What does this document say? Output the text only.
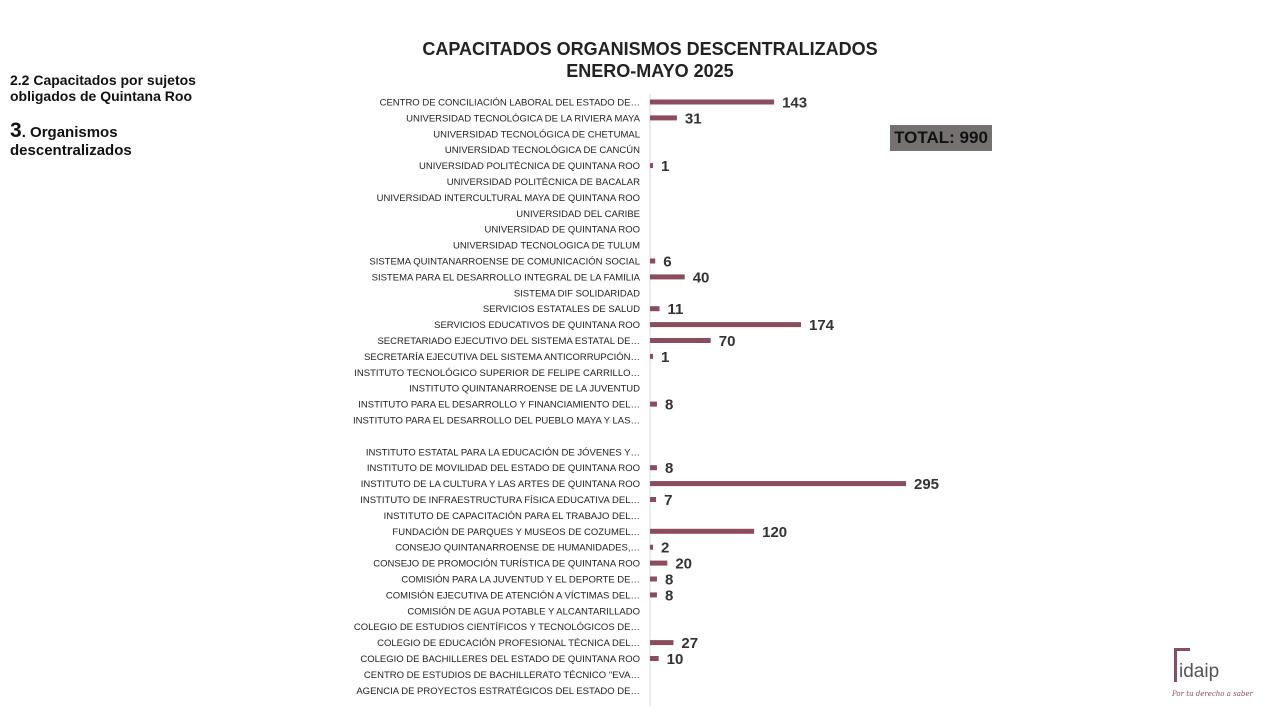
2.2 Capacitados por sujetos obligados de Quintana Roo
3. Organismos descentralizados
CAPACITADOS ORGANISMOS DESCENTRALIZADOS
ENERO-MAYO 2025
TOTAL: 990
CENTRO DE CONCILIACIÓN LABORAL DEL ESTADO DE…	143
UNIVERSIDAD TECNOLÓGICA DE LA RIVIERA MAYA	31
UNIVERSIDAD TECNOLÓGICA DE CHETUMAL
UNIVERSIDAD TECNOLÓGICA DE CANCÚN
UNIVERSIDAD POLITÉCNICA DE QUINTANA ROO 1
UNIVERSIDAD POLITÉCNICA DE BACALAR
UNIVERSIDAD INTERCULTURAL MAYA DE QUINTANA ROO
UNIVERSIDAD DEL CARIBE
UNIVERSIDAD DE QUINTANA ROO
UNIVERSIDAD TECNOLOGICA DE TULUM
SISTEMA QUINTANARROENSE DE COMUNICACIÓN SOCIAL 6
SISTEMA PARA EL DESARROLLO INTEGRAL DE LA FAMILIA	40
SISTEMA DIF SOLIDARIDAD
SERVICIOS ESTATALES DE SALUD 11
SERVICIOS EDUCATIVOS DE QUINTANA ROO	174
SECRETARIADO EJECUTIVO DEL SISTEMA ESTATAL DE…	70
SECRETARÍA EJECUTIVA DEL SISTEMA ANTICORRUPCIÓN… 1
INSTITUTO TECNOLÓGICO SUPERIOR DE FELIPE CARRILLO…
INSTITUTO QUINTANARROENSE DE LA JUVENTUD
INSTITUTO PARA EL DESARROLLO Y FINANCIAMIENTO DEL… 8
INSTITUTO PARA EL DESARROLLO DEL PUEBLO MAYA Y LAS…
INSTITUTO ESTATAL PARA LA EDUCACIÓN DE JÓVENES Y…
INSTITUTO DE MOVILIDAD DEL ESTADO DE QUINTANA ROO 8
INSTITUTO DE LA CULTURA Y LAS ARTES DE QUINTANA ROO	295
INSTITUTO DE INFRAESTRUCTURA FÍSICA EDUCATIVA DEL… 7
INSTITUTO DE CAPACITACIÓN PARA EL TRABAJO DEL…
FUNDACIÓN DE PARQUES Y MUSEOS DE COZUMEL…	120
CONSEJO QUINTANARROENSE DE HUMANIDADES,… 2
CONSEJO DE PROMOCIÓN TURÍSTICA DE QUINTANA ROO 20
COMISIÓN PARA LA JUVENTUD Y EL DEPORTE DE… 8
COMISIÓN EJECUTIVA DE ATENCIÓN A VÍCTIMAS DEL… 8
COMISIÓN DE AGUA POTABLE Y ALCANTARILLADO
COLEGIO DE ESTUDIOS CIENTÍFICOS Y TECNOLÓGICOS DE…
COLEGIO DE EDUCACIÓN PROFESIONAL TÉCNICA DEL…	27
COLEGIO DE BACHILLERES DEL ESTADO DE QUINTANA ROO 10
CENTRO DE ESTUDIOS DE BACHILLERATO TÉCNICO "EVA…
AGENCIA DE PROYECTOS ESTRATÉGICOS DEL ESTADO DE…
idaip
Por tu derecho a saber
